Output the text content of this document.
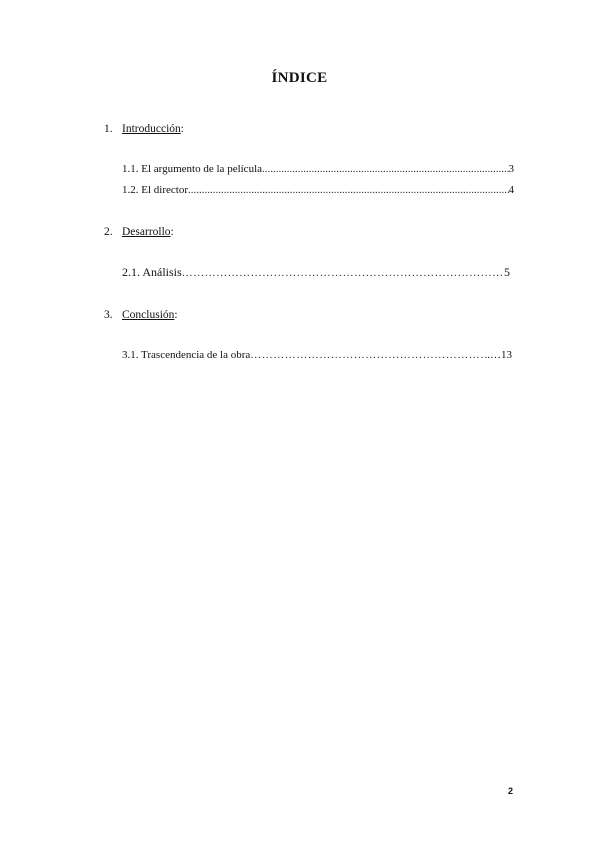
ÍNDICE
1. Introducción:
1.1. El argumento de la película .....	3
1.2. El director .....	4
2. Desarrollo:
2.1. Análisis …………………………………………………………………………………………………………………………………………	5
3. Conclusión:
3.1. Trascendencia de la obra …………………………………………………………………………………………………………………………………………	..…13
2
